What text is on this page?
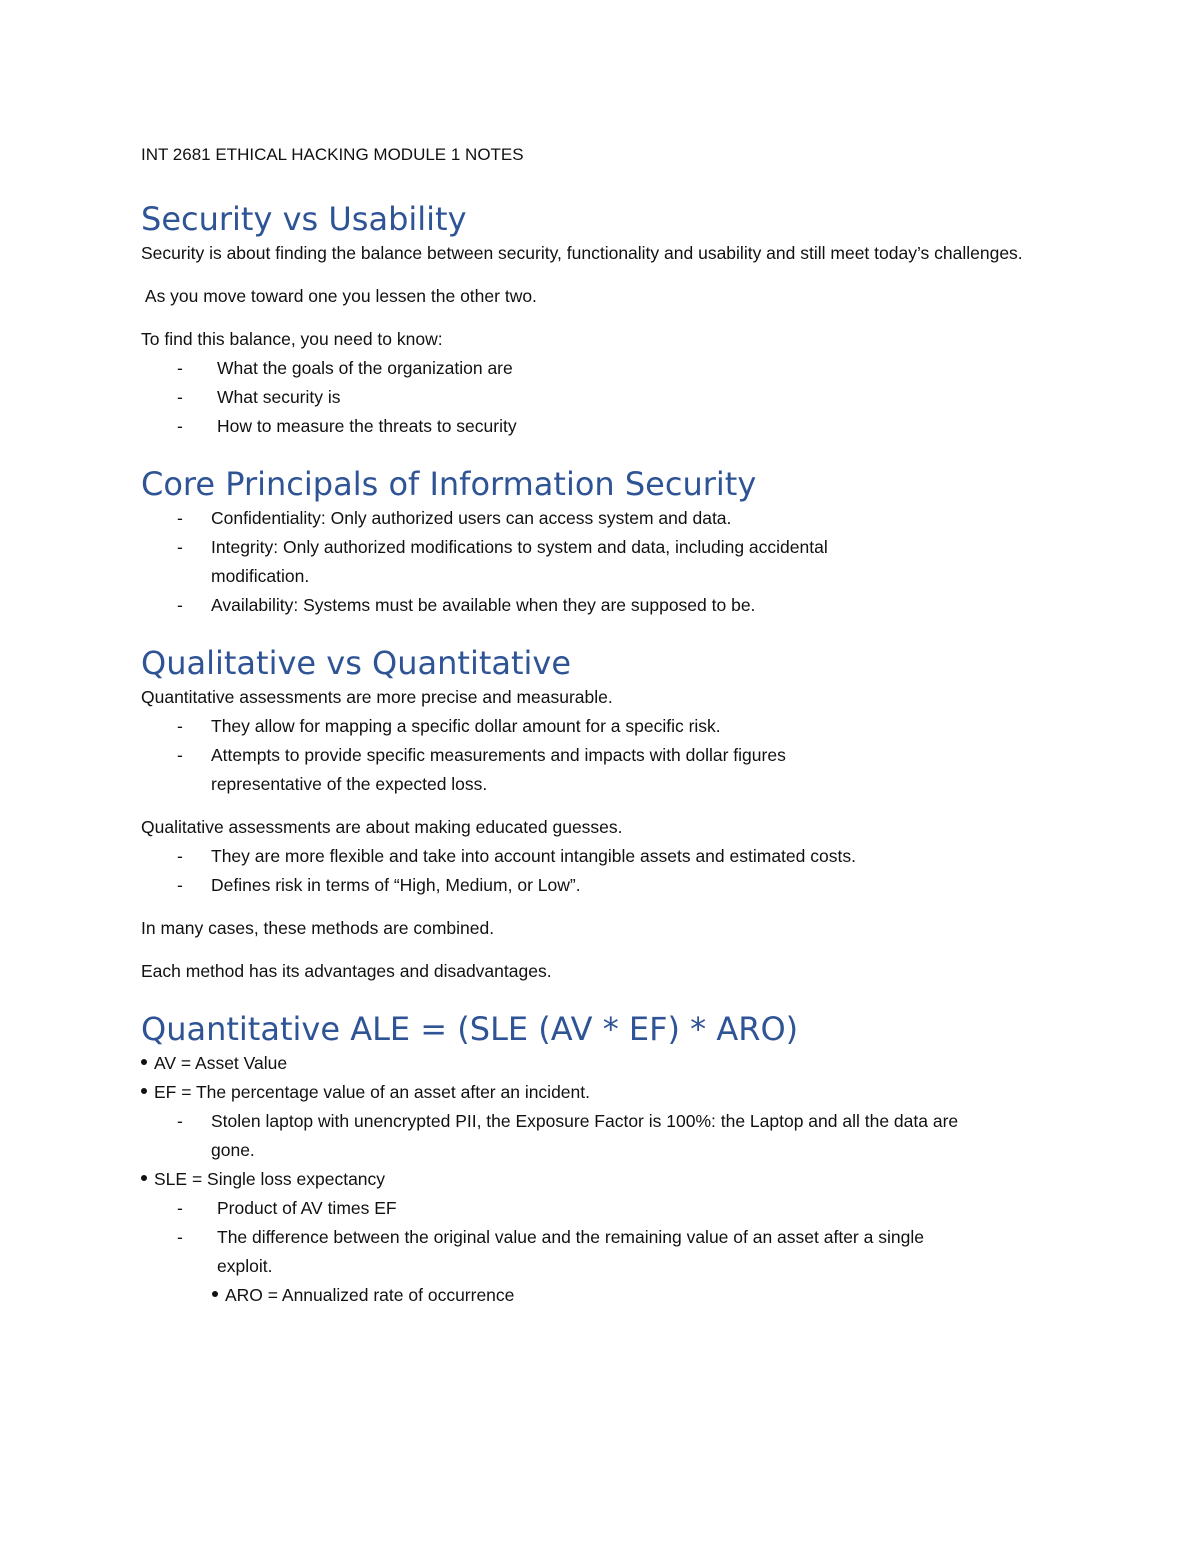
INT 2681 ETHICAL HACKING MODULE 1 NOTES

Security vs Usability

Security is about finding the balance between security, functionality and usability and still meet today’s challenges.

As you move toward one you lessen the other two.

To find this balance, you need to know:

-
What the goals of the organization are
-
What security is
-
How to measure the threats to security
Core Principals of Information Security
-
Confidentiality: Only authorized users can access system and data.
-
Integrity: Only authorized modifications to system and data, including accidental modification.
-
Availability: Systems must be available when they are supposed to be.
Qualitative vs Quantitative

Quantitative assessments are more precise and measurable.

-
They allow for mapping a specific dollar amount for a specific risk.
-
Attempts to provide specific measurements and impacts with dollar figures representative of the expected loss.

Qualitative assessments are about making educated guesses.

-
They are more flexible and take into account intangible assets and estimated costs.
-
Defines risk in terms of “High, Medium, or Low”.

In many cases, these methods are combined.

Each method has its advantages and disadvantages.

Quantitative ALE = (SLE (AV * EF) * ARO)

AV = Asset Value

EF = The percentage value of an asset after an incident.

-
Stolen laptop with unencrypted PII, the Exposure Factor is 100%: the Laptop and all the data are gone.

SLE = Single loss expectancy

-
Product of AV times EF
-
The difference between the original value and the remaining value of an asset after a single exploit.

ARO = Annualized rate of occurrence
